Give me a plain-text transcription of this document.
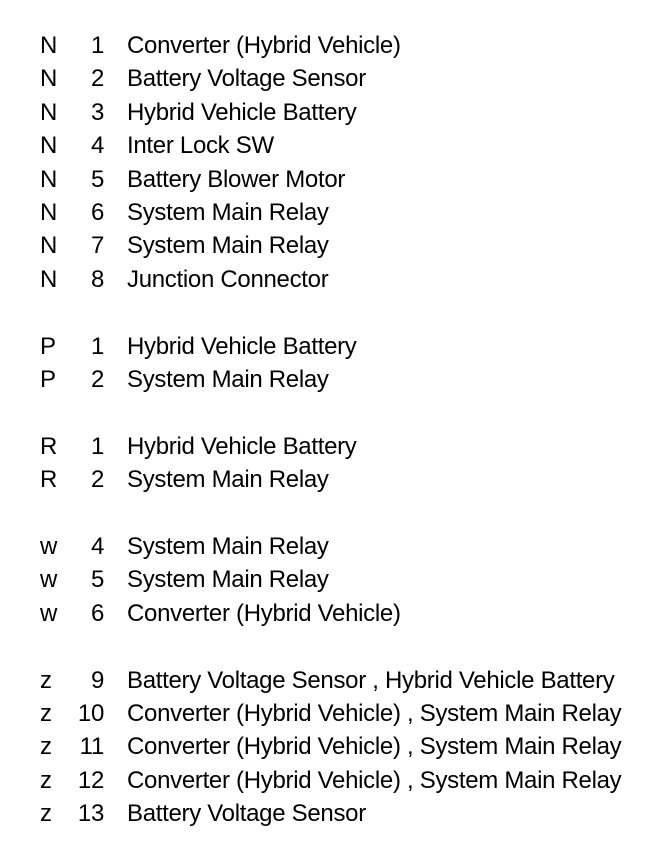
N	1 Converter (Hybrid Vehicle)
N	2 Battery Voltage Sensor
N	3 Hybrid Vehicle Battery
N	4 Inter Lock SW
N	5 Battery Blower Motor
N	6 System Main Relay
N	7 System Main Relay
N	8 Junction Connector
P	1 Hybrid Vehicle Battery
P	2 System Main Relay
R	1 Hybrid Vehicle Battery
R	2 System Main Relay
w	4 System Main Relay
w	5 System Main Relay
w	6 Converter (Hybrid Vehicle)
z	9 Battery Voltage Sensor , Hybrid Vehicle Battery
z	10 Converter (Hybrid Vehicle) , System Main Relay
z	11 Converter (Hybrid Vehicle) , System Main Relay
z	12 Converter (Hybrid Vehicle) , System Main Relay
z	13 Battery Voltage Sensor
